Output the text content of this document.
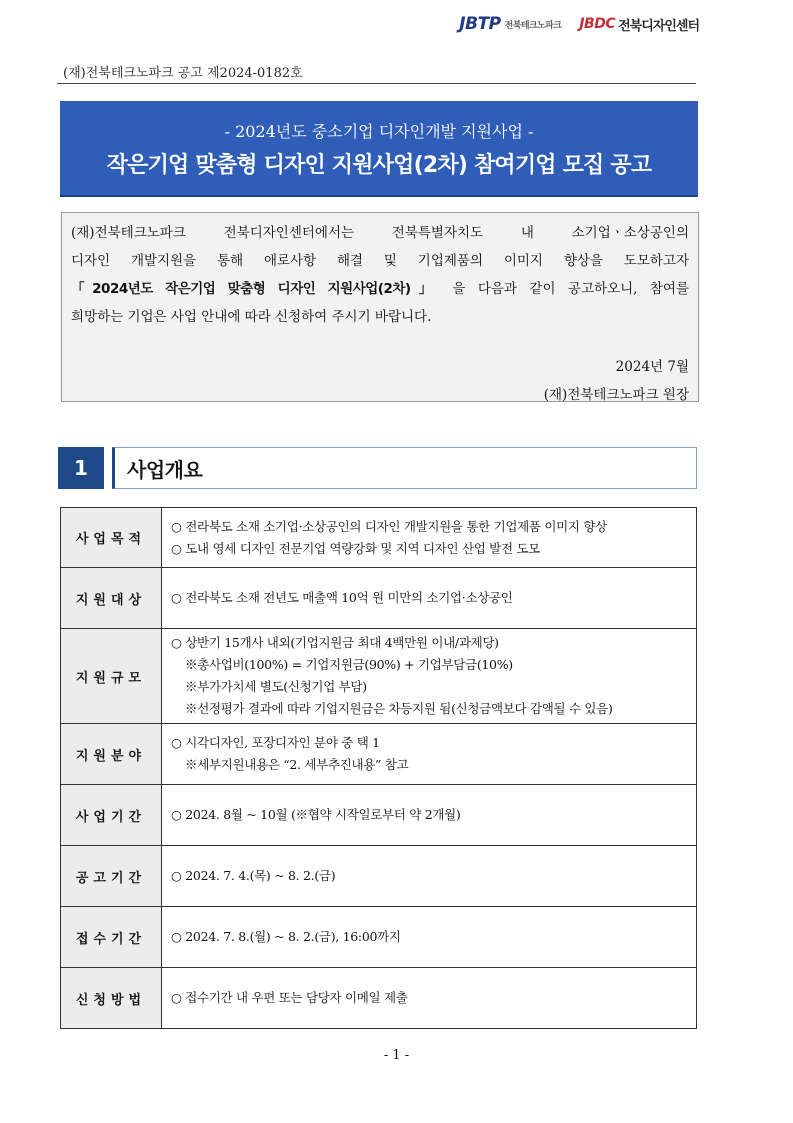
JBTP 전북테크노파크 JBDC 전북디자인센터
(재)전북테크노파크 공고 제2024-0182호
- 2024년도 중소기업 디자인개발 지원사업 -
작은기업 맞춤형 디자인 지원사업(2차) 참여기업 모집 공고

(재)전북테크노파크 전북디자인센터에서는 전북특별자치도 내 소기업ㆍ소상공인의

디자인 개발지원을 통해 애로사항 해결 및 기업제품의 이미지 향상을 도모하고자

「2024년도 작은기업 맞춤형 디자인 지원사업(2차)」 을 다음과 같이 공고하오니, 참여를

희망하는 기업은 사업 안내에 따라 신청하여 주시기 바랍니다.

2024년 7월
(재)전북테크노파크 원장
1	사업개요
사업목적	○ 전라북도 소재 소기업·소상공인의 디자인 개발지원을 통한 기업제품 이미지 향상
○ 도내 영세 디자인 전문기업 역량강화 및 지역 디자인 산업 발전 도모

지원대상	○ 전라북도 소재 전년도 매출액 10억 원 미만의 소기업·소상공인

지원규모	○ 상반기 15개사 내외(기업지원금 최대 4백만원 이내/과제당)
※총사업비(100%) = 기업지원금(90%) + 기업부담금(10%)
※부가가치세 별도(신청기업 부담)
※선정평가 결과에 따라 기업지원금은 차등지원 됨(신청금액보다 감액될 수 있음)

지원분야	○ 시각디자인, 포장디자인 분야 중 택 1
※세부지원내용은 “2. 세부추진내용” 참고

사업기간	○ 2024. 8월 ~ 10월 (※협약 시작일로부터 약 2개월)

공고기간	○ 2024. 7. 4.(목) ~ 8. 2.(금)

접수기간	○ 2024. 7. 8.(월) ~ 8. 2.(금), 16:00까지

신청방법	○ 접수기간 내 우편 또는 담당자 이메일 제출
- 1 -
